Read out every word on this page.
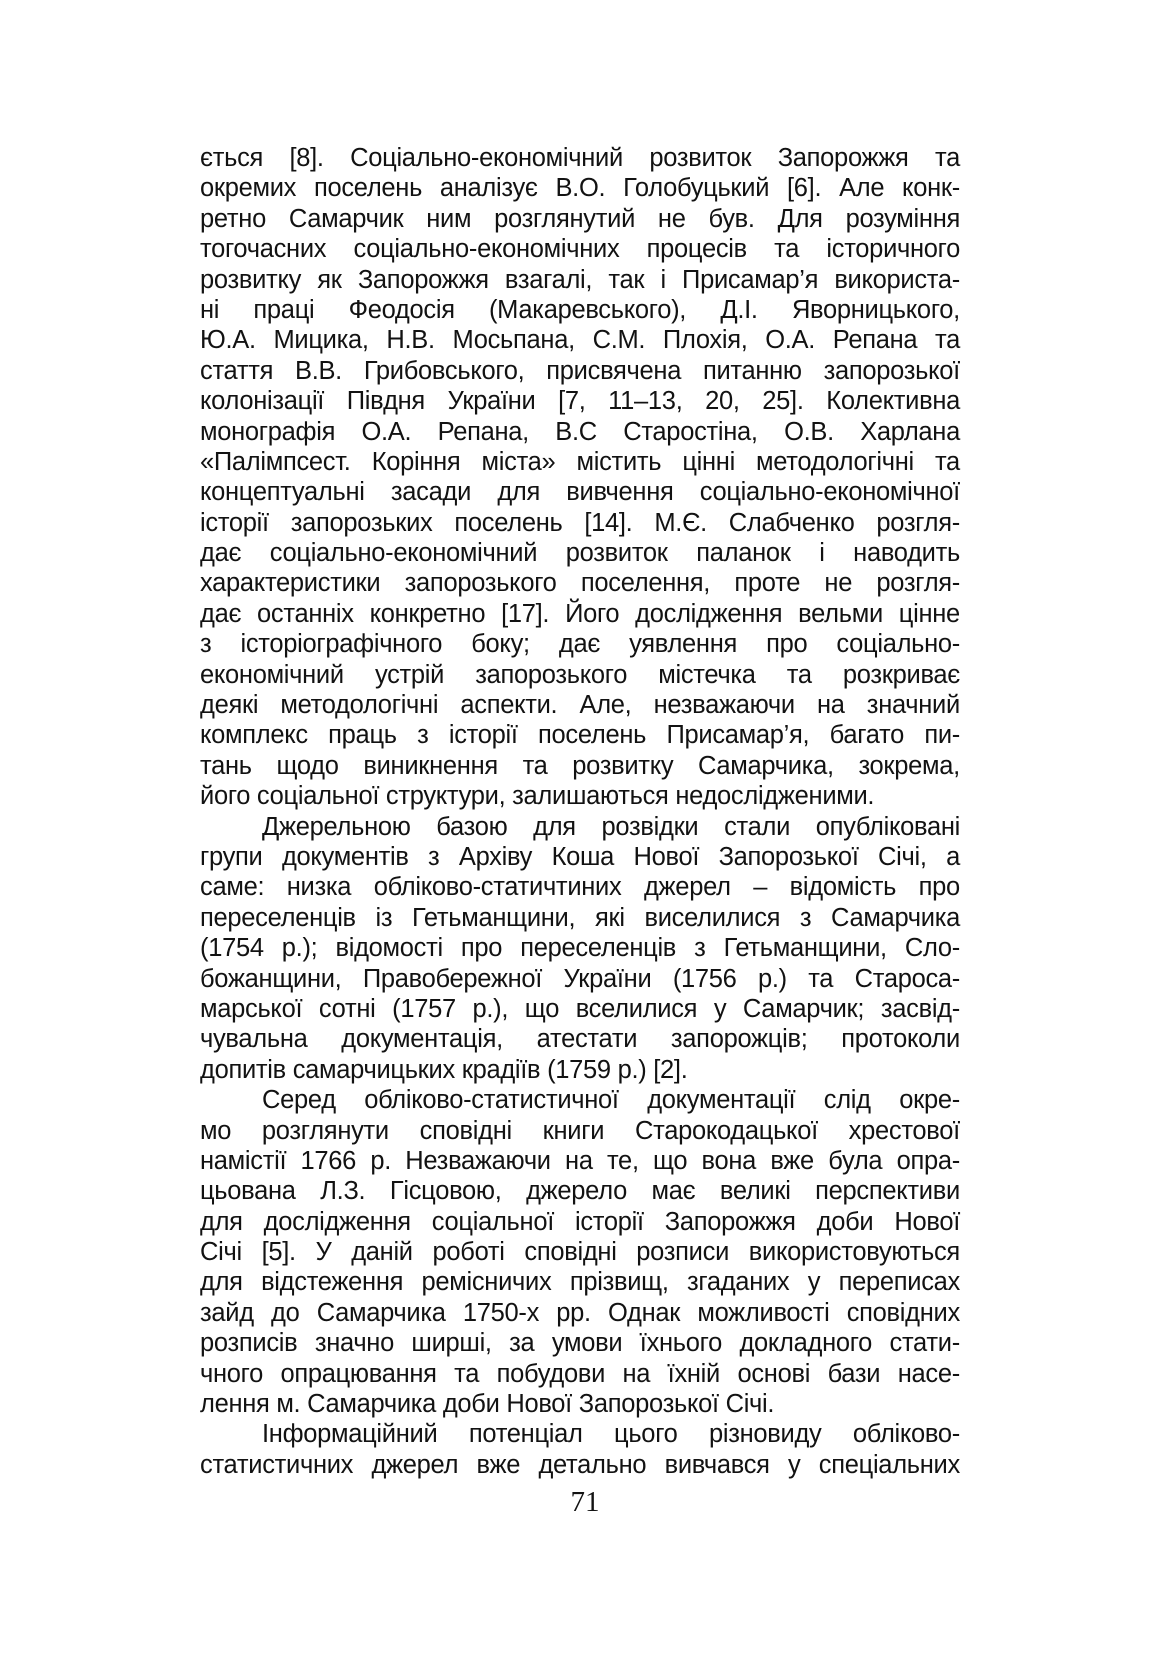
ється [8]. Соціально-економічний розвиток Запорожжя та
окремих поселень аналізує В.О. Голобуцький [6]. Але конк-
ретно Самарчик ним розглянутий не був. Для розуміння
тогочасних соціально-економічних процесів та історичного
розвитку як Запорожжя взагалі, так і Присамар’я використа-
ні праці Феодосія (Макаревського), Д.І. Яворницького,
Ю.А. Мицика, Н.В. Мосьпана, С.М. Плохія, О.А. Репана та
стаття В.В. Грибовського, присвячена питанню запорозької
колонізації Півдня України [7, 11–13, 20, 25]. Колективна
монографія О.А. Репана, В.С Старостіна, О.В. Харлана
«Палімпсест. Коріння міста» містить цінні методологічні та
концептуальні засади для вивчення соціально-економічної
історії запорозьких поселень [14]. М.Є. Слабченко розгля-
дає соціально-економічний розвиток паланок і наводить
характеристики запорозького поселення, проте не розгля-
дає останніх конкретно [17]. Його дослідження вельми цінне
з історіографічного боку; дає уявлення про соціально-
економічний устрій запорозького містечка та розкриває
деякі методологічні аспекти. Але, незважаючи на значний
комплекс праць з історії поселень Присамар’я, багато пи-
тань щодо виникнення та розвитку Самарчика, зокрема,
його соціальної структури, залишаються недослідженими.
Джерельною базою для розвідки стали опубліковані
групи документів з Архіву Коша Нової Запорозької Січі, а
саме: низка обліково-статичтиних джерел – відомість про
переселенців із Гетьманщини, які виселилися з Самарчика
(1754 р.); відомості про переселенців з Гетьманщини, Сло-
божанщини, Правобережної України (1756 р.) та Староса-
марської сотні (1757 р.), що вселилися у Самарчик; засвід-
чувальна документація, атестати запорожців; протоколи
допитів самарчицьких крадіїв (1759 р.) [2].
Серед обліково-статистичної документації слід окре-
мо розглянути сповідні книги Старокодацької хрестової
намістії 1766 р. Незважаючи на те, що вона вже була опра-
цьована Л.З. Гісцовою, джерело має великі перспективи
для дослідження соціальної історії Запорожжя доби Нової
Січі [5]. У даній роботі сповідні розписи використовуються
для відстеження ремісничих прізвищ, згаданих у переписах
зайд до Самарчика 1750-х рр. Однак можливості сповідних
розписів значно ширші, за умови їхнього докладного стати-
чного опрацювання та побудови на їхній основі бази насе-
лення м. Самарчика доби Нової Запорозької Січі.
Інформаційний потенціал цього різновиду обліково-
статистичних джерел вже детально вивчався у спеціальних
71
